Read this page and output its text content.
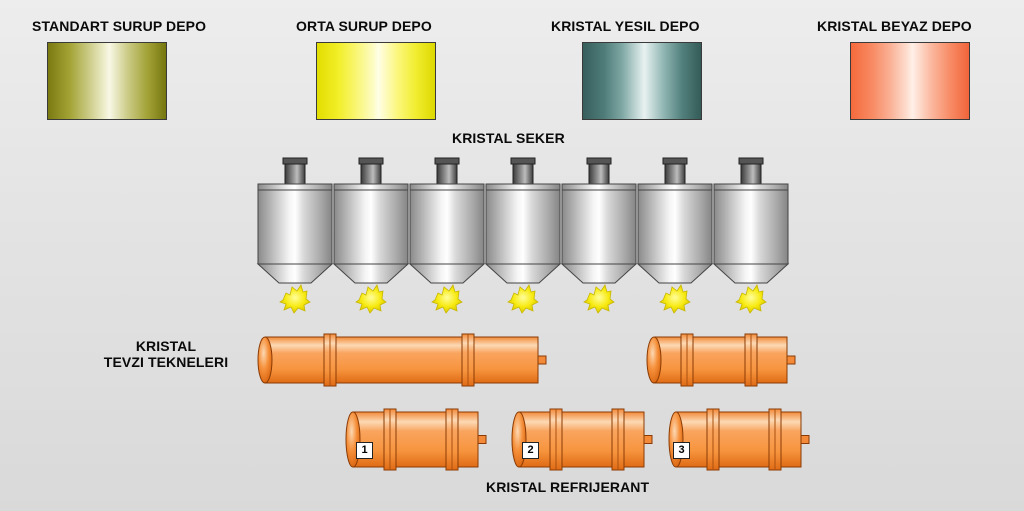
STANDART SURUP DEPO	ORTA SURUP DEPO	KRISTAL YESIL DEPO	KRISTAL BEYAZ DEPO
KRISTAL SEKER
KRISTAL
TEVZI TEKNELERI
1	2	3
KRISTAL REFRIJERANT
